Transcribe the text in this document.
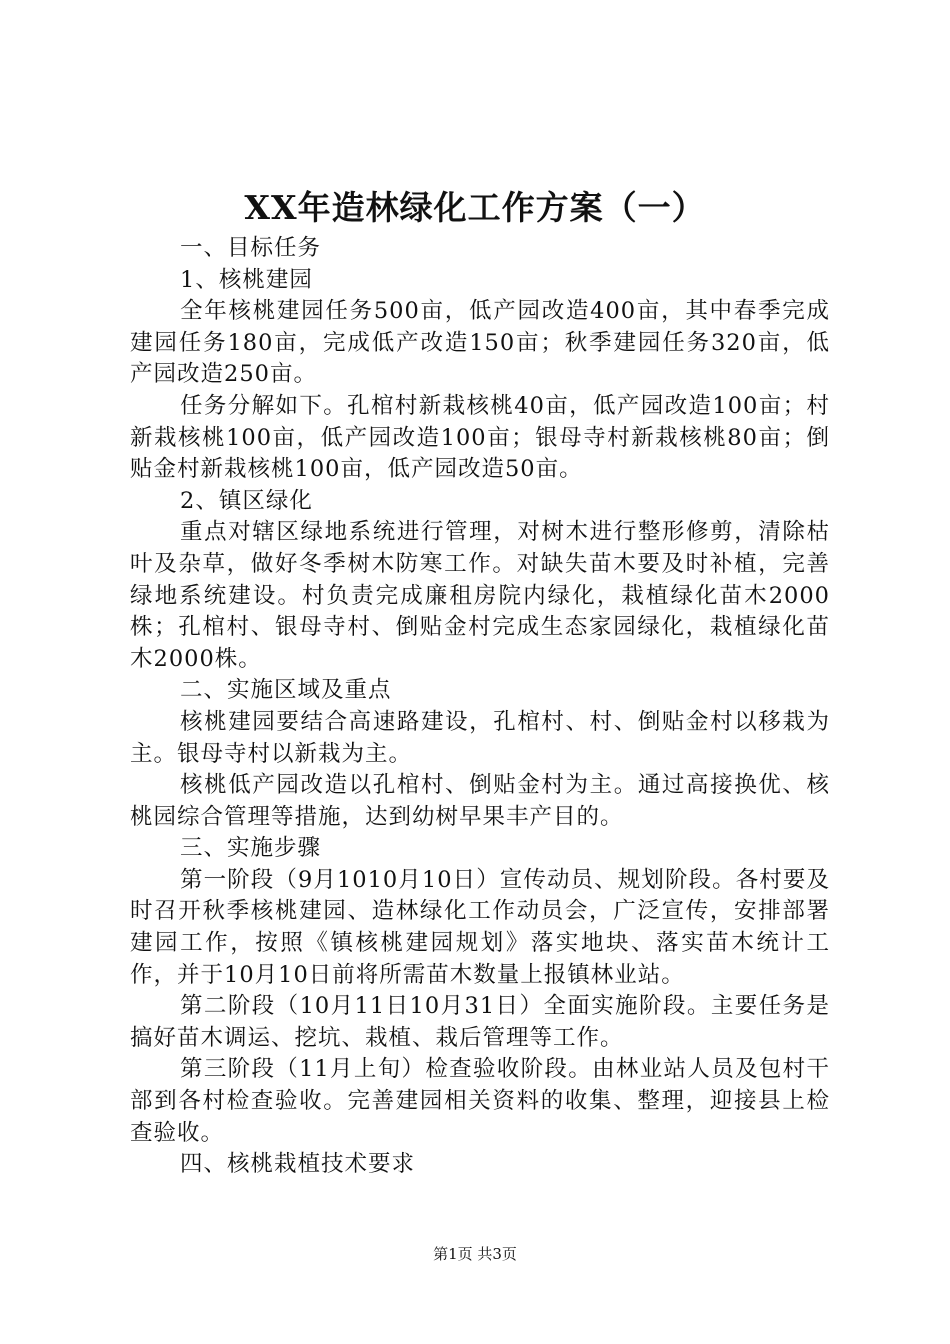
XX年造林绿化工作方案（一）

一、目标任务

1、核桃建园

全年核桃建园任务500亩，低产园改造400亩，其中春季完成建园任务180亩，完成低产改造150亩；秋季建园任务320亩，低产园改造250亩。

任务分解如下。孔棺村新栽核桃40亩，低产园改造100亩；村新栽核桃100亩，低产园改造100亩；银母寺村新栽核桃80亩；倒贴金村新栽核桃100亩，低产园改造50亩。

2、镇区绿化

重点对辖区绿地系统进行管理，对树木进行整形修剪，清除枯叶及杂草，做好冬季树木防寒工作。对缺失苗木要及时补植，完善绿地系统建设。村负责完成廉租房院内绿化，栽植绿化苗木2000株；孔棺村、银母寺村、倒贴金村完成生态家园绿化，栽植绿化苗木2000株。

二、实施区域及重点

核桃建园要结合高速路建设，孔棺村、村、倒贴金村以移栽为主。银母寺村以新栽为主。

核桃低产园改造以孔棺村、倒贴金村为主。通过高接换优、核桃园综合管理等措施，达到幼树早果丰产目的。

三、实施步骤

第一阶段（9月1010月10日）宣传动员、规划阶段。各村要及时召开秋季核桃建园、造林绿化工作动员会，广泛宣传，安排部署建园工作，按照《镇核桃建园规划》落实地块、落实苗木统计工作，并于10月10日前将所需苗木数量上报镇林业站。

第二阶段（10月11日10月31日）全面实施阶段。主要任务是搞好苗木调运、挖坑、栽植、栽后管理等工作。

第三阶段（11月上旬）检查验收阶段。由林业站人员及包村干部到各村检查验收。完善建园相关资料的收集、整理，迎接县上检查验收。

四、核桃栽植技术要求

第1页 共3页
